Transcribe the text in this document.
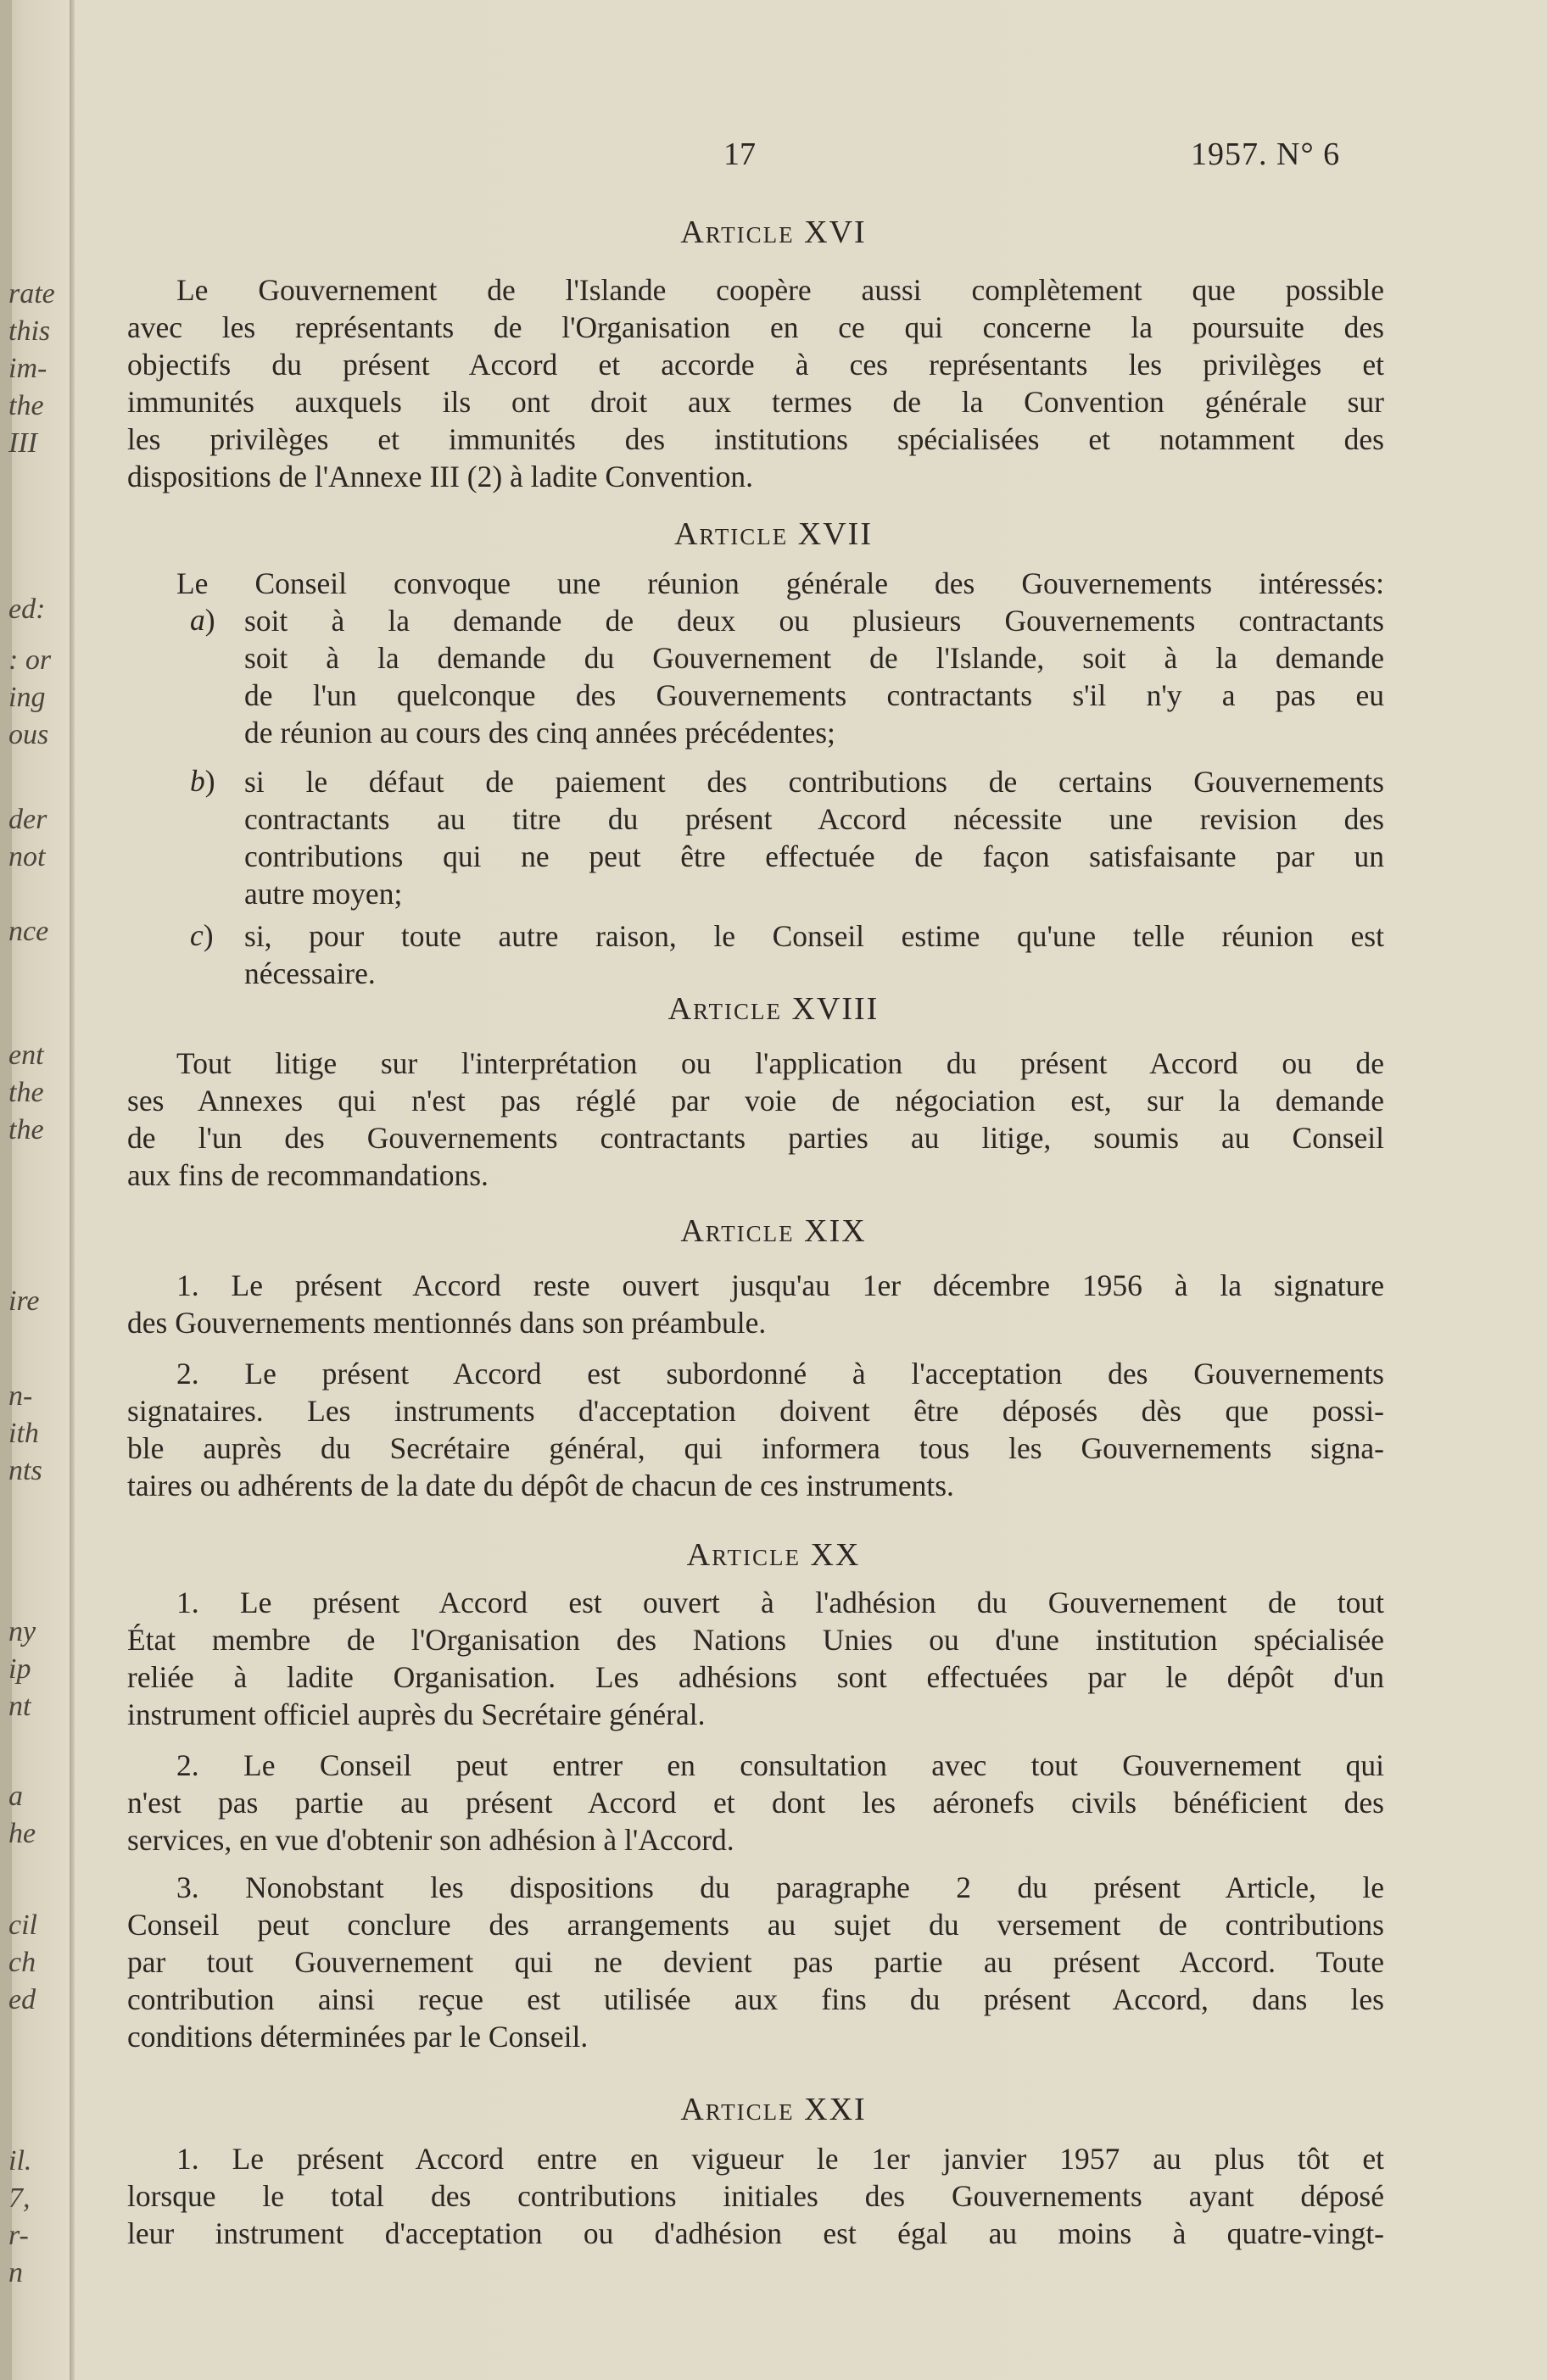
rate
this
im-
the
III
ed:
: or
ing
ous
der
not
nce
ent
the
the
ire
n-
ith
nts
ny
ip
nt
a
he
cil
ch
ed
il.
7,
r-
n
17	1957. N° 6
Article XVI
Le Gouvernement de l'Islande coopère aussi complètement que possible
avec les représentants de l'Organisation en ce qui concerne la poursuite des
objectifs du présent Accord et accorde à ces représentants les privilèges et
immunités auxquels ils ont droit aux termes de la Convention générale sur
les privilèges et immunités des institutions spécialisées et notamment des
dispositions de l'Annexe III (2) à ladite Convention.
Article XVII
Le Conseil convoque une réunion générale des Gouvernements intéressés:
a) soit à la demande de deux ou plusieurs Gouvernements contractants
soit à la demande du Gouvernement de l'Islande, soit à la demande
de l'un quelconque des Gouvernements contractants s'il n'y a pas eu
de réunion au cours des cinq années précédentes;
b) si le défaut de paiement des contributions de certains Gouvernements
contractants au titre du présent Accord nécessite une revision des
contributions qui ne peut être effectuée de façon satisfaisante par un
autre moyen;
c) si, pour toute autre raison, le Conseil estime qu'une telle réunion est
nécessaire.
Article XVIII
Tout litige sur l'interprétation ou l'application du présent Accord ou de
ses Annexes qui n'est pas réglé par voie de négociation est, sur la demande
de l'un des Gouvernements contractants parties au litige, soumis au Conseil
aux fins de recommandations.
Article XIX
1. Le présent Accord reste ouvert jusqu'au 1er décembre 1956 à la signature
des Gouvernements mentionnés dans son préambule.
2. Le présent Accord est subordonné à l'acceptation des Gouvernements
signataires. Les instruments d'acceptation doivent être déposés dès que possi-
ble auprès du Secrétaire général, qui informera tous les Gouvernements signa-
taires ou adhérents de la date du dépôt de chacun de ces instruments.
Article XX
1. Le présent Accord est ouvert à l'adhésion du Gouvernement de tout
État membre de l'Organisation des Nations Unies ou d'une institution spécialisée
reliée à ladite Organisation. Les adhésions sont effectuées par le dépôt d'un
instrument officiel auprès du Secrétaire général.
2. Le Conseil peut entrer en consultation avec tout Gouvernement qui
n'est pas partie au présent Accord et dont les aéronefs civils bénéficient des
services, en vue d'obtenir son adhésion à l'Accord.
3. Nonobstant les dispositions du paragraphe 2 du présent Article, le
Conseil peut conclure des arrangements au sujet du versement de contributions
par tout Gouvernement qui ne devient pas partie au présent Accord. Toute
contribution ainsi reçue est utilisée aux fins du présent Accord, dans les
conditions déterminées par le Conseil.
Article XXI
1. Le présent Accord entre en vigueur le 1er janvier 1957 au plus tôt et
lorsque le total des contributions initiales des Gouvernements ayant déposé
leur instrument d'acceptation ou d'adhésion est égal au moins à quatre-vingt-
